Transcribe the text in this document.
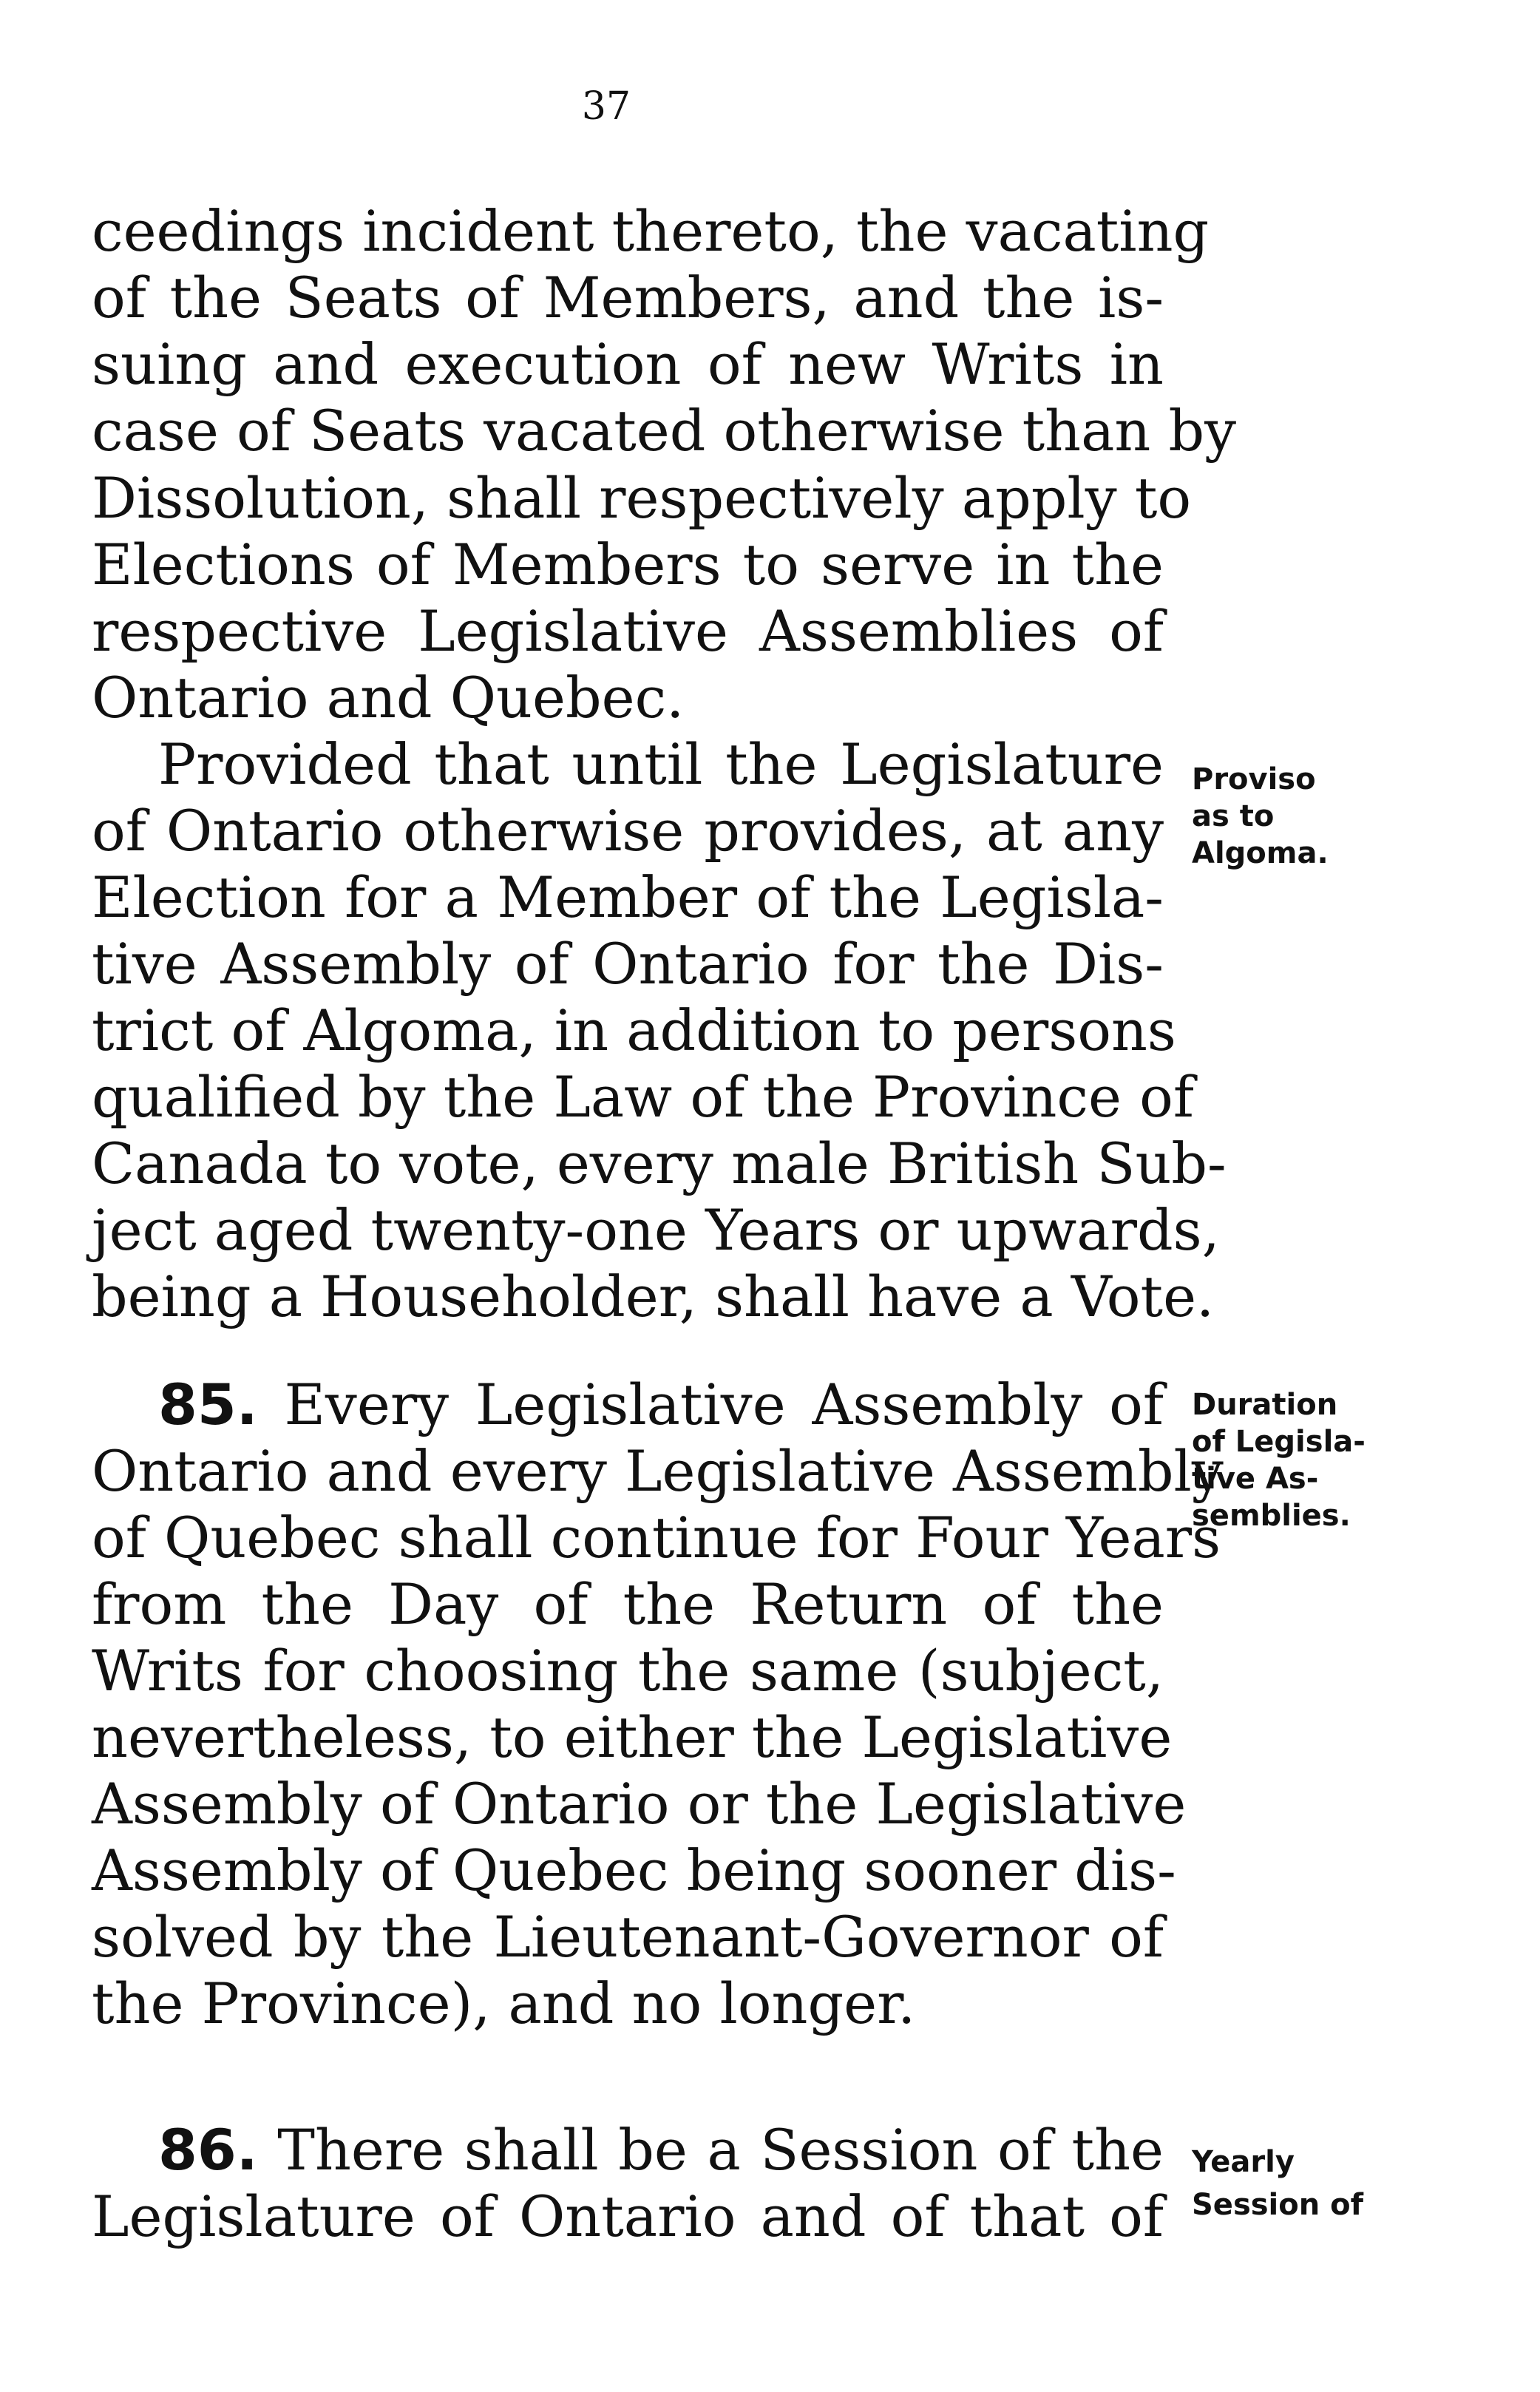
37
ceedings incident thereto, the vacating
of the Seats of Members, and the is-
suing and execution of new Writs in
case of Seats vacated otherwise than by
Dissolution, shall respectively apply to
Elections of Members to serve in the
respective Legislative Assemblies of
Ontario and Quebec.
Provided that until the Legislature
of Ontario otherwise provides, at any
Election for a Member of the Legisla-
tive Assembly of Ontario for the Dis-
trict of Algoma, in addition to persons
qualified by the Law of the Province of
Canada to vote, every male British Sub-
ject aged twenty-one Years or upwards,
being a Householder, shall have a Vote.
Proviso
as to
Algoma.
85. Every Legislative Assembly of
Ontario and every Legislative Assembly
of Quebec shall continue for Four Years
from the Day of the Return of the
Writs for choosing the same (subject,
nevertheless, to either the Legislative
Assembly of Ontario or the Legislative
Assembly of Quebec being sooner dis-
solved by the Lieutenant-Governor of
the Province), and no longer.
Duration
of Legisla-
tive As-
semblies.
86. There shall be a Session of the
Legislature of Ontario and of that of
Yearly
Session of
